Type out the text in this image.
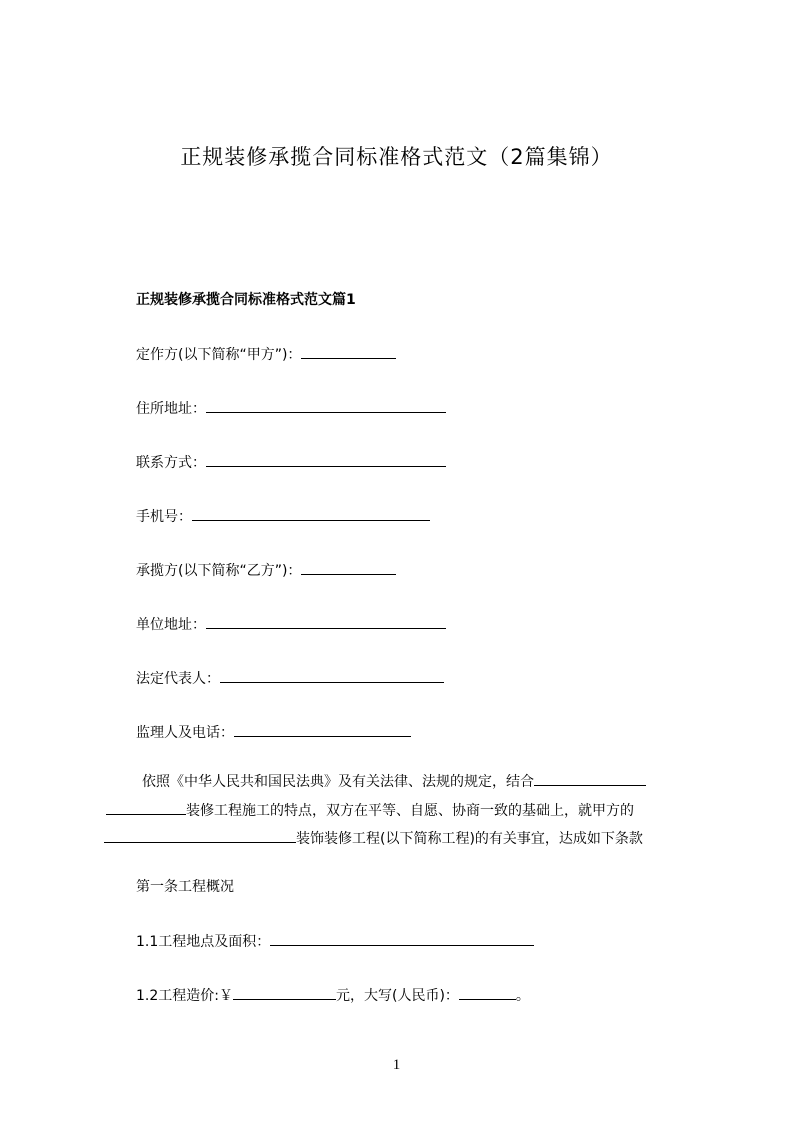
正规装修承揽合同标准格式范文（2篇集锦）
正规装修承揽合同标准格式范文篇1
定作方(以下简称“甲方”)：
住所地址：
联系方式：
手机号：
承揽方(以下简称“乙方”)：
单位地址：
法定代表人：
监理人及电话：
依照《中华人民共和国民法典》及有关法律、法规的规定，结合
装修工程施工的特点，双方在平等、自愿、协商一致的基础上，就甲方的
装饰装修工程(以下简称工程)的有关事宜，达成如下条款
第一条工程概况
1.1工程地点及面积：
1.2工程造价:￥	元，大写(人民币)：	。
1
